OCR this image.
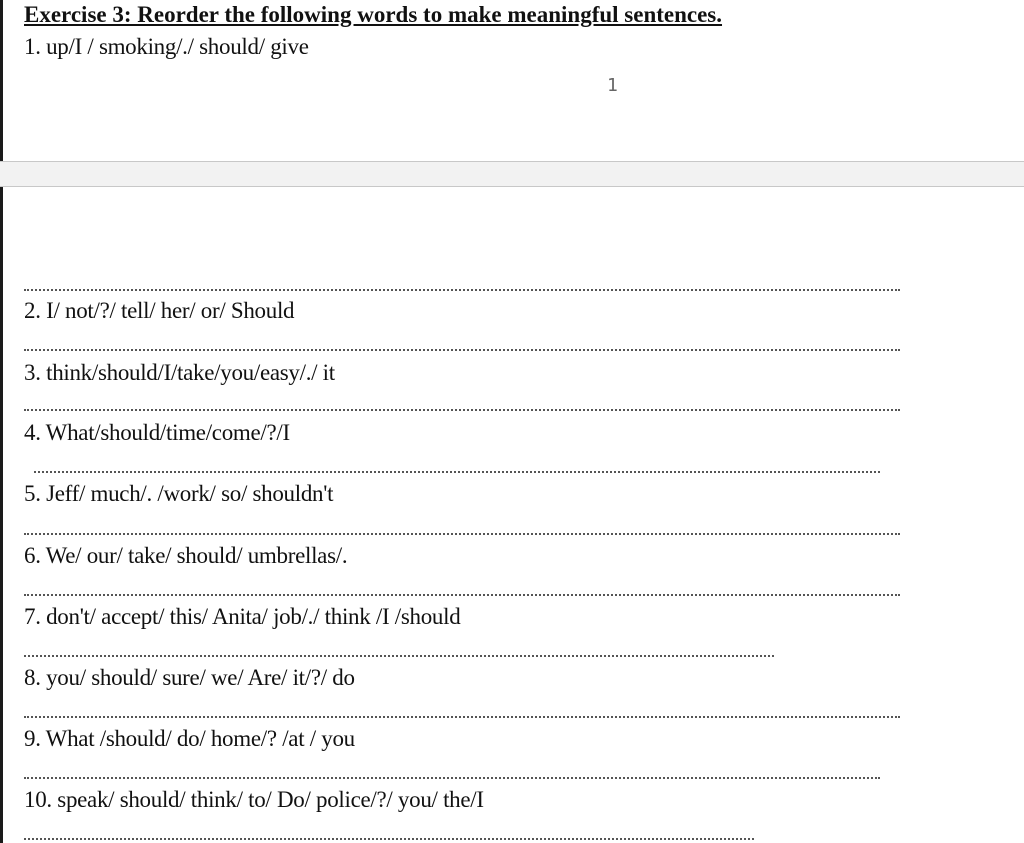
Exercise 3: Reorder the following words to make meaningful sentences.
1. up/I / smoking/./ should/ give
1
2. I/ not/?/ tell/ her/ or/ Should
3. think/should/I/take/you/easy/./ it
4. What/should/time/come/?/I
5. Jeff/ much/. /work/ so/ shouldn't
6. We/ our/ take/ should/ umbrellas/.
7. don't/ accept/ this/ Anita/ job/./ think /I /should
8. you/ should/ sure/ we/ Are/ it/?/ do
9. What /should/ do/ home/? /at / you
10. speak/ should/ think/ to/ Do/ police/?/ you/ the/I
